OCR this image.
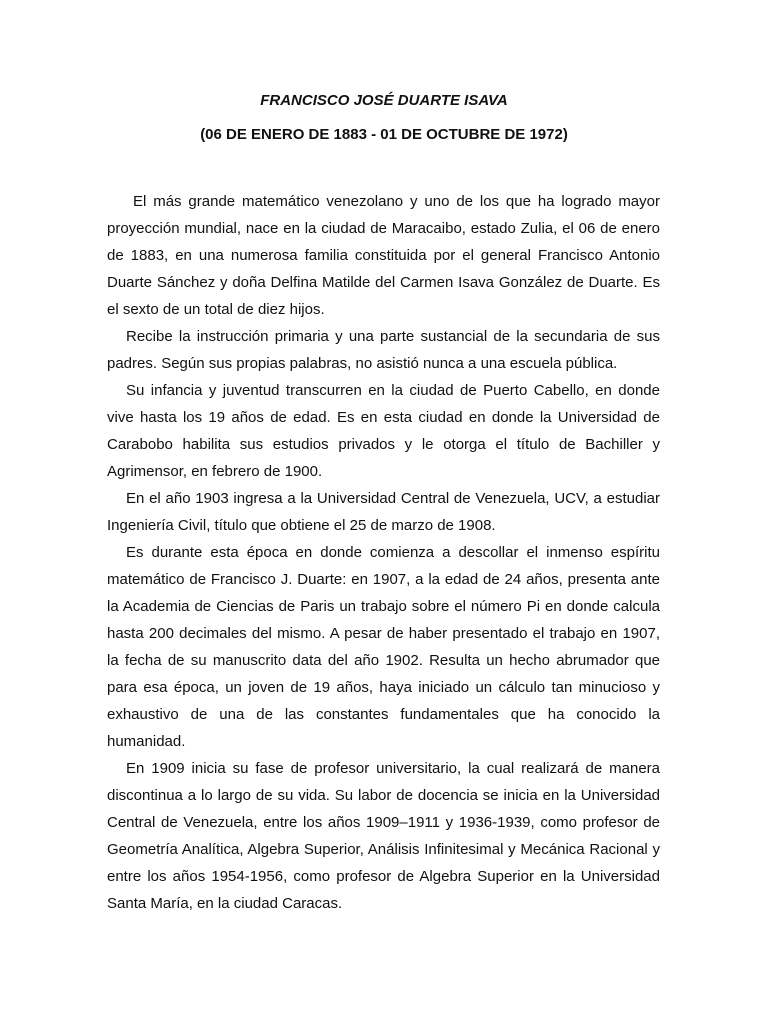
FRANCISCO JOSÉ DUARTE ISAVA
(06 DE ENERO DE 1883 - 01 DE OCTUBRE DE 1972)

El más grande matemático venezolano y uno de los que ha logrado mayor proyección mundial, nace en la ciudad de Maracaibo, estado Zulia, el 06 de enero de 1883, en una numerosa familia constituida por el general Francisco Antonio Duarte Sánchez y doña Delfina Matilde del Carmen Isava González de Duarte. Es el sexto de un total de diez hijos.

Recibe la instrucción primaria y una parte sustancial de la secundaria de sus padres. Según sus propias palabras, no asistió nunca a una escuela pública.

Su infancia y juventud transcurren en la ciudad de Puerto Cabello, en donde vive hasta los 19 años de edad. Es en esta ciudad en donde la Universidad de Carabobo habilita sus estudios privados y le otorga el título de Bachiller y Agrimensor, en febrero de 1900.

En el año 1903 ingresa a la Universidad Central de Venezuela, UCV, a estudiar Ingeniería Civil, título que obtiene el 25 de marzo de 1908.

Es durante esta época en donde comienza a descollar el inmenso espíritu matemático de Francisco J. Duarte: en 1907, a la edad de 24 años, presenta ante la Academia de Ciencias de Paris un trabajo sobre el número Pi en donde calcula hasta 200 decimales del mismo. A pesar de haber presentado el trabajo en 1907, la fecha de su manuscrito data del año 1902. Resulta un hecho abrumador que para esa época, un joven de 19 años, haya iniciado un cálculo tan minucioso y exhaustivo de una de las constantes fundamentales que ha conocido la humanidad.

En 1909 inicia su fase de profesor universitario, la cual realizará de manera discontinua a lo largo de su vida. Su labor de docencia se inicia en la Universidad Central de Venezuela, entre los años 1909–1911 y 1936-1939, como profesor de Geometría Analítica, Algebra Superior, Análisis Infinitesimal y Mecánica Racional y entre los años 1954-1956, como profesor de Algebra Superior en la Universidad Santa María, en la ciudad Caracas.
